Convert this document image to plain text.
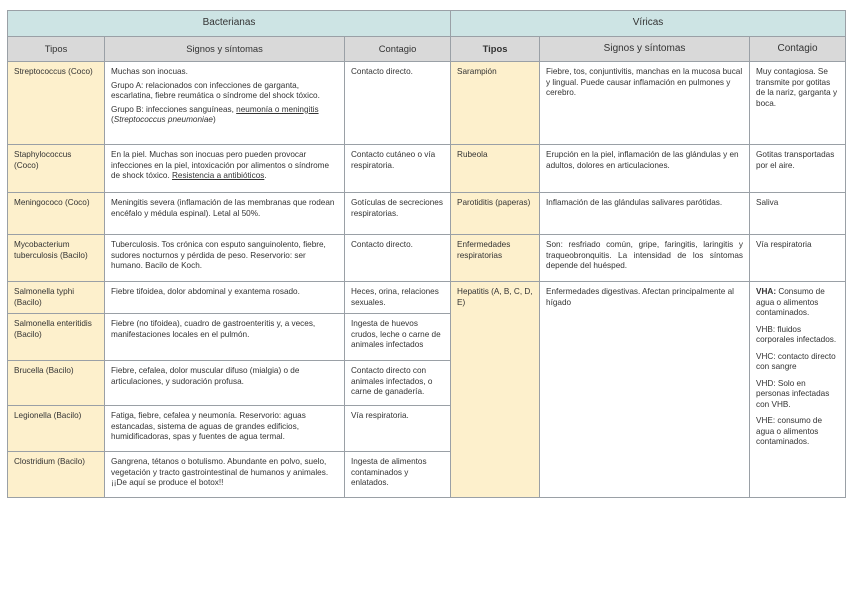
Bacterianas			Víricas		
Tipos	Signos y síntomas	Contagio	Tipos	Signos y síntomas	Contagio
Streptococcus (Coco)	Muchas son inocuas.
Grupo A: relacionados con infecciones de garganta, escarlatina, fiebre reumática o síndrome del shock tóxico.
Grupo B: infecciones sanguíneas, neumonía o meningitis (Streptococcus pneumoniae)	Contacto directo.	Sarampión	Fiebre, tos, conjuntivitis, manchas en la mucosa bucal y lingual. Puede causar inflamación en pulmones y cerebro.	Muy contagiosa. Se transmite por gotitas de la nariz, garganta y boca.
Staphylococcus (Coco)	En la piel. Muchas son inocuas pero pueden provocar infecciones en la piel, intoxicación por alimentos o síndrome de shock tóxico. Resistencia a antibióticos.	Contacto cutáneo o vía respiratoria.	Rubeola	Erupción en la piel, inflamación de las glándulas y en adultos, dolores en articulaciones.	Gotitas transportadas por el aire.
Meningococo (Coco)	Meningitis severa (inflamación de las membranas que rodean encéfalo y médula espinal). Letal al 50%.	Gotículas de secreciones respiratorias.	Parotiditis (paperas)	Inflamación de las glándulas salivares parótidas.	Saliva
Mycobacterium tuberculosis (Bacilo)	Tuberculosis. Tos crónica con esputo sanguinolento, fiebre, sudores nocturnos y pérdida de peso. Reservorio: ser humano. Bacilo de Koch.	Contacto directo.	Enfermedades respiratorias	Son: resfriado común, gripe, faringitis, laringitis y traqueobronquitis. La intensidad de los síntomas depende del huésped.	Vía respiratoria
Salmonella typhi (Bacilo)	Fiebre tifoidea, dolor abdominal y exantema rosado.	Heces, orina, relaciones sexuales.	Hepatitis (A, B, C, D, E)	Enfermedades digestivas. Afectan principalmente al hígado	VHA: Consumo de agua o alimentos contaminados.
VHB: fluidos corporales infectados.
VHC: contacto directo con sangre
VHD: Solo en personas infectadas con VHB.
VHE: consumo de agua o alimentos contaminados.

Salmonella enteritidis (Bacilo)	Fiebre (no tifoidea), cuadro de gastroenteritis y, a veces, manifestaciones locales en el pulmón.	Ingesta de huevos crudos, leche o carne de animales infectados			
Brucella (Bacilo)	Fiebre, cefalea, dolor muscular difuso (mialgia) o de articulaciones, y sudoración profusa.	Contacto directo con animales infectados, o carne de ganadería.			
Legionella (Bacilo)	Fatiga, fiebre, cefalea y neumonía. Reservorio: aguas estancadas, sistema de aguas de grandes edificios, humidificadoras, spas y fuentes de agua termal.	Vía respiratoria.			
Clostridium (Bacilo)	Gangrena, tétanos o botulismo. Abundante en polvo, suelo, vegetación y tracto gastrointestinal de humanos y animales. ¡¡De aquí se produce el botox!!	Ingesta de alimentos contaminados y enlatados.			
